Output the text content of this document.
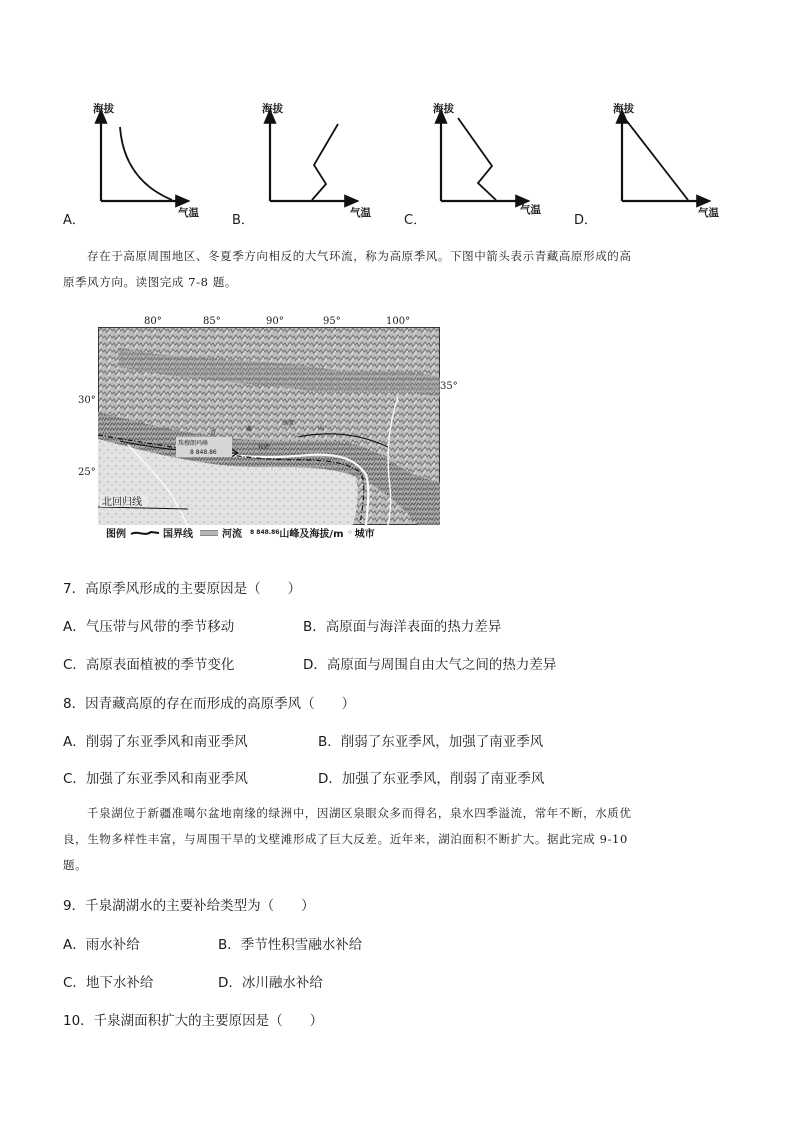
海拔
气温
A．
海拔
气温
B．
海拔
气温
C．
海拔
气温
D．
存在于高原周围地区、冬夏季方向相反的大气环流，称为高原季风。下图中箭头表示青藏高原形成的高
原季风方向。读图完成 7-8 题。
80°	85°	90°	95°	100°
30°
25°
35°
北回归线
珠穆朗玛峰
8 848.86
青
藏
高原
山
拉萨
图例	国界线	河流 8 848.86 山峰及海拔/m ◦ 城市
7．高原季风形成的主要原因是（　　）
A．气压带与风带的季节移动	B．高原面与海洋表面的热力差异
C．高原表面植被的季节变化	D．高原面与周围自由大气之间的热力差异
8．因青藏高原的存在而形成的高原季风（　　）
A．削弱了东亚季风和南亚季风	B．削弱了东亚季风，加强了南亚季风
C．加强了东亚季风和南亚季风	D．加强了东亚季风，削弱了南亚季风
千泉湖位于新疆准噶尔盆地南缘的绿洲中，因湖区泉眼众多而得名，泉水四季溢流，常年不断，水质优
良，生物多样性丰富，与周围干旱的戈壁滩形成了巨大反差。近年来，湖泊面积不断扩大。据此完成 9-10
题。
9．千泉湖湖水的主要补给类型为（　　）
A．雨水补给	B．季节性积雪融水补给
C．地下水补给	D．冰川融水补给
10．千泉湖面积扩大的主要原因是（　　）
